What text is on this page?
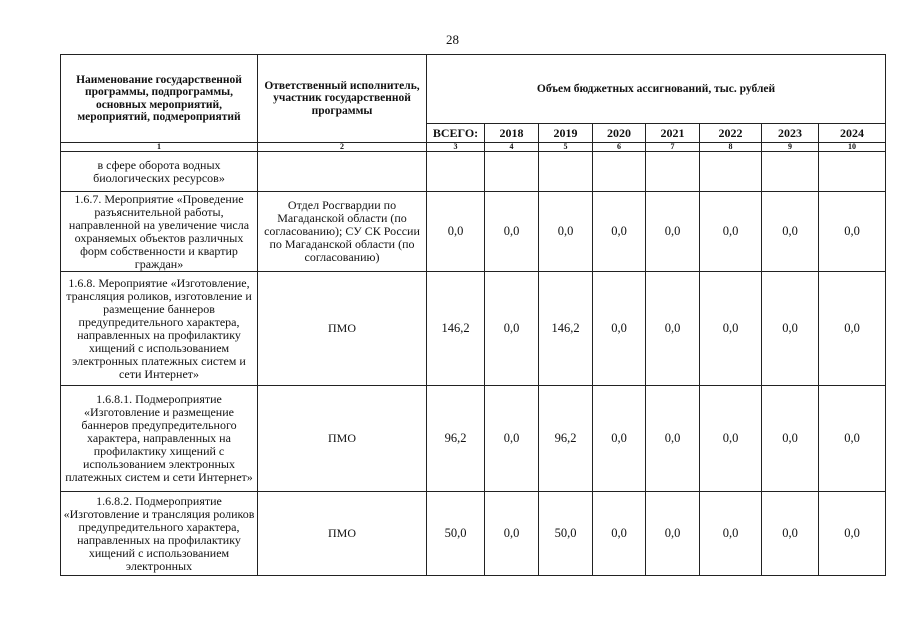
28
Наименование государственной программы, подпрограммы, основных мероприятий, мероприятий, подмероприятий	Ответственный исполнитель, участник государственной программы	Объем бюджетных ассигнований, тыс. рублей							
		ВСЕГО:	2018	2019	2020	2021	2022	2023	2024
1	2	3	4	5	6	7	8	9	10
в сфере оборота водных биологических ресурсов»									
1.6.7. Мероприятие «Проведение разъяснительной работы, направленной на увеличение числа охраняемых объектов различных форм собственности и квартир граждан»	Отдел Росгвардии по Магаданской области (по согласованию); СУ СК России по Магаданской области (по согласованию)	0,0	0,0	0,0	0,0	0,0	0,0	0,0	0,0
1.6.8. Мероприятие «Изготовление, трансляция роликов, изготовление и размещение баннеров предупредительного характера, направленных на профилактику хищений с использованием электронных платежных систем и сети Интернет»	ПМО	146,2	0,0	146,2	0,0	0,0	0,0	0,0	0,0
1.6.8.1. Подмероприятие «Изготовление и размещение баннеров предупредительного характера, направленных на профилактику хищений с использованием электронных платежных систем и сети Интернет»	ПМО	96,2	0,0	96,2	0,0	0,0	0,0	0,0	0,0
1.6.8.2. Подмероприятие «Изготовление и трансляция роликов предупредительного характера, направленных на профилактику хищений с использованием электронных	ПМО	50,0	0,0	50,0	0,0	0,0	0,0	0,0	0,0
